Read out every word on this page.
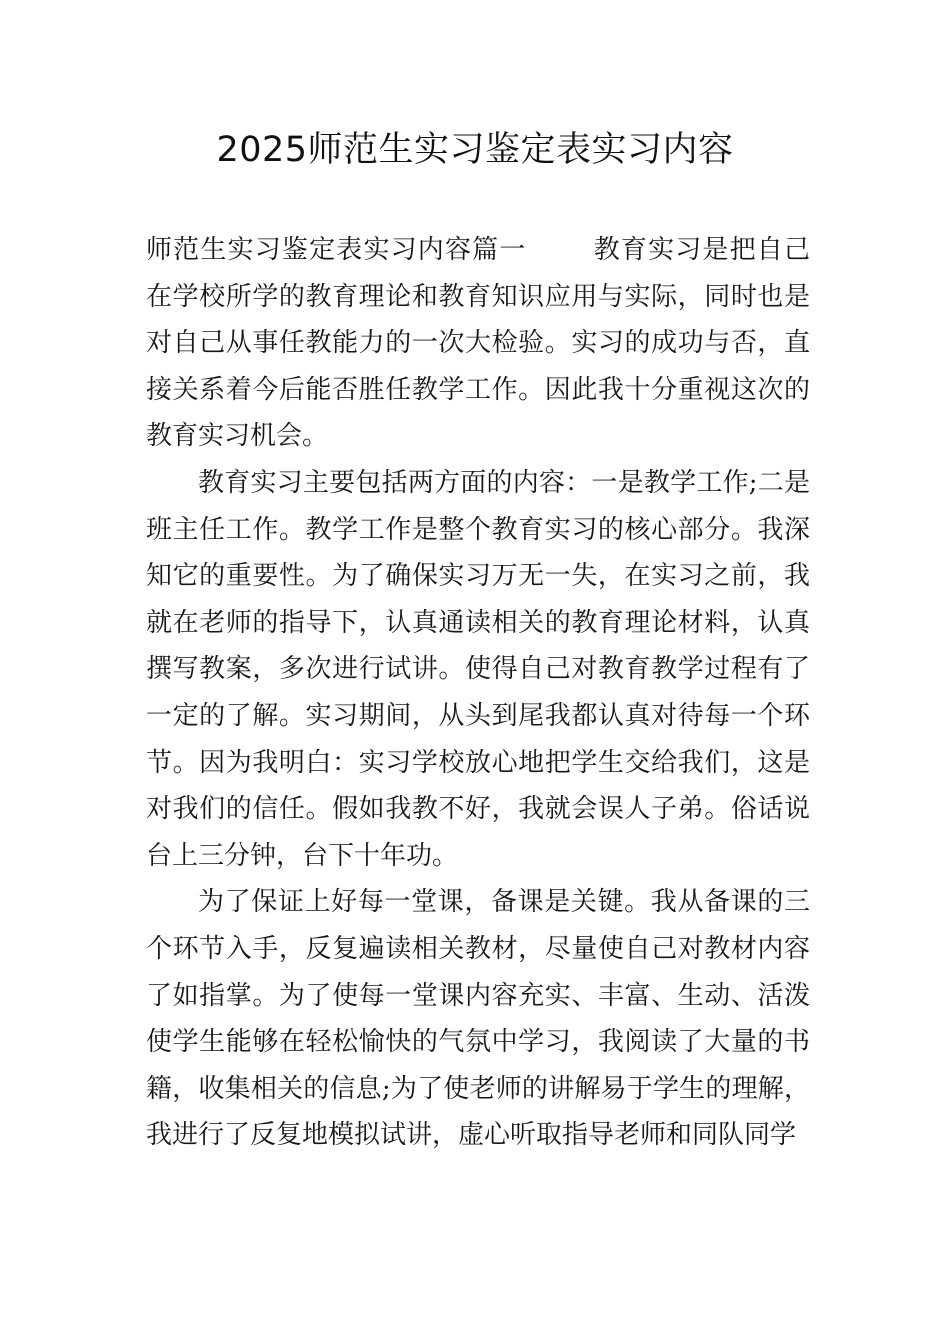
2025师范生实习鉴定表实习内容

师范生实习鉴定表实习内容篇一	教育实习是把自己在学校所学的教育理论和教育知识应用与实际，同时也是对自己从事任教能力的一次大检验。实习的成功与否，直接关系着今后能否胜任教学工作。因此我十分重视这次的教育实习机会。

教育实习主要包括两方面的内容：一是教学工作;二是班主任工作。教学工作是整个教育实习的核心部分。我深知它的重要性。为了确保实习万无一失，在实习之前，我就在老师的指导下，认真通读相关的教育理论材料，认真撰写教案，多次进行试讲。使得自己对教育教学过程有了一定的了解。实习期间，从头到尾我都认真对待每一个环节。因为我明白：实习学校放心地把学生交给我们，这是对我们的信任。假如我教不好，我就会误人子弟。俗话说台上三分钟，台下十年功。

为了保证上好每一堂课，备课是关键。我从备课的三个环节入手，反复遍读相关教材，尽量使自己对教材内容了如指掌。为了使每一堂课内容充实、丰富、生动、活泼使学生能够在轻松愉快的气氛中学习，我阅读了大量的书籍，收集相关的信息;为了使老师的讲解易于学生的理解，我进行了反复地模拟试讲，虚心听取指导老师和同队同学
